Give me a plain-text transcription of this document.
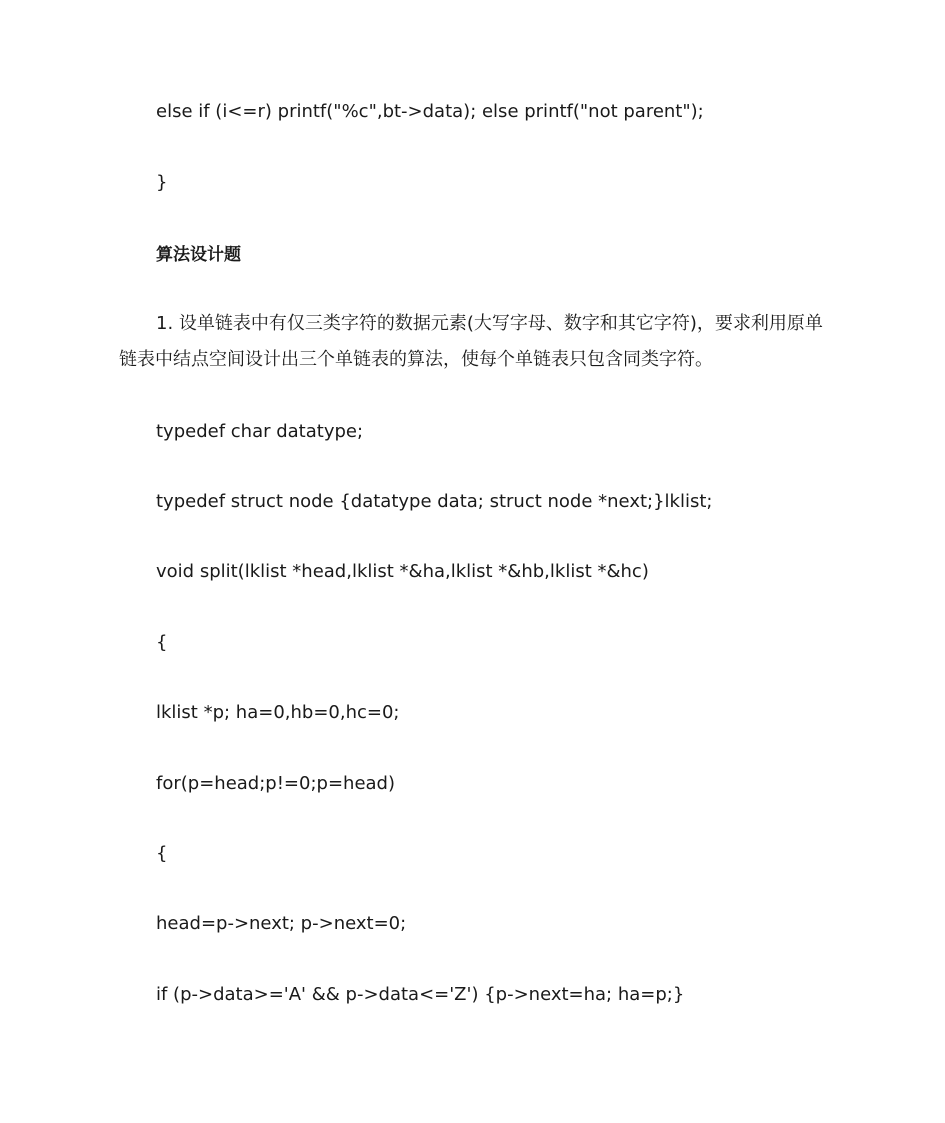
else if (i<=r) printf("%c",bt->data); else printf("not parent");
}
算法设计题
1. 设单链表中有仅三类字符的数据元素(大写字母、数字和其它字符)，要求利用原单链表中结点空间设计出三个单链表的算法，使每个单链表只包含同类字符。
typedef char datatype;
typedef struct node {datatype data; struct node *next;}lklist;
void split(lklist *head,lklist *&ha,lklist *&hb,lklist *&hc)
{
lklist *p; ha=0,hb=0,hc=0;
for(p=head;p!=0;p=head)
{
head=p->next; p->next=0;
if (p->data>='A' && p->data<='Z') {p->next=ha; ha=p;}
